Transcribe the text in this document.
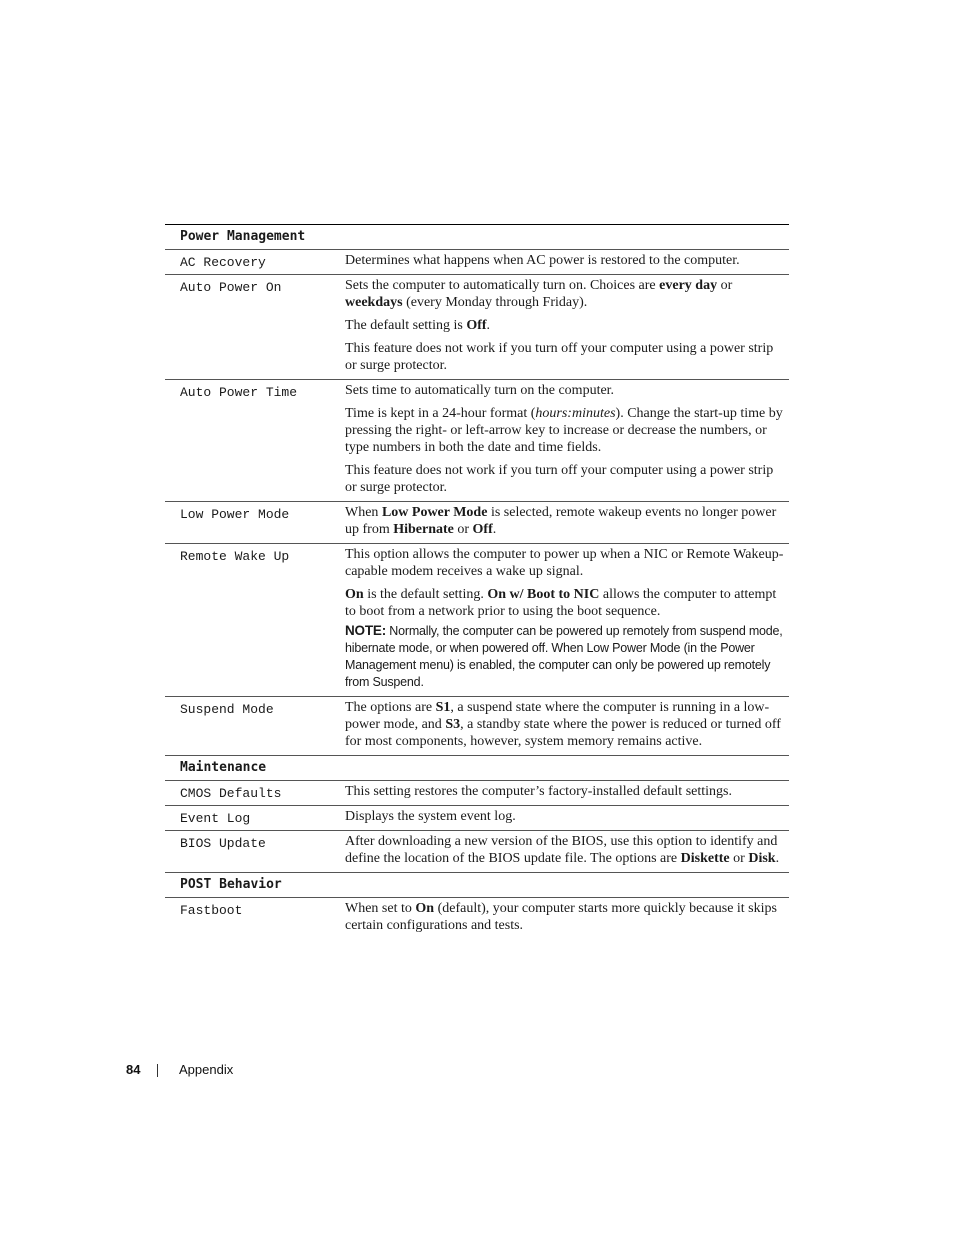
Power Management	
AC Recovery	Determines what happens when AC power is restored to the computer.

Auto Power On	Sets the computer to automatically turn on. Choices are every day or weekdays (every Monday through Friday).

The default setting is Off.

This feature does not work if you turn off your computer using a power strip or surge protector.

Auto Power Time	Sets time to automatically turn on the computer.

Time is kept in a 24-hour format (hours:minutes). Change the start-up time by pressing the right- or left-arrow key to increase or decrease the numbers, or type numbers in both the date and time fields.

This feature does not work if you turn off your computer using a power strip or surge protector.

Low Power Mode	When Low Power Mode is selected, remote wakeup events no longer power up from Hibernate or Off.

Remote Wake Up	This option allows the computer to power up when a NIC or Remote Wakeup-capable modem receives a wake up signal.

On is the default setting. On w/ Boot to NIC allows the computer to attempt to boot from a network prior to using the boot sequence.

NOTE: Normally, the computer can be powered up remotely from suspend mode, hibernate mode, or when powered off. When Low Power Mode (in the Power Management menu) is enabled, the computer can only be powered up remotely from Suspend.

Suspend Mode	The options are S1, a suspend state where the computer is running in a low-power mode, and S3, a standby state where the power is reduced or turned off for most components, however, system memory remains active.

Maintenance	
CMOS Defaults	This setting restores the computer’s factory-installed default settings.

Event Log	Displays the system event log.

BIOS Update	After downloading a new version of the BIOS, use this option to identify and define the location of the BIOS update file. The options are Diskette or Disk.

POST Behavior	
Fastboot	When set to On (default), your computer starts more quickly because it skips certain configurations and tests.

84	Appendix
